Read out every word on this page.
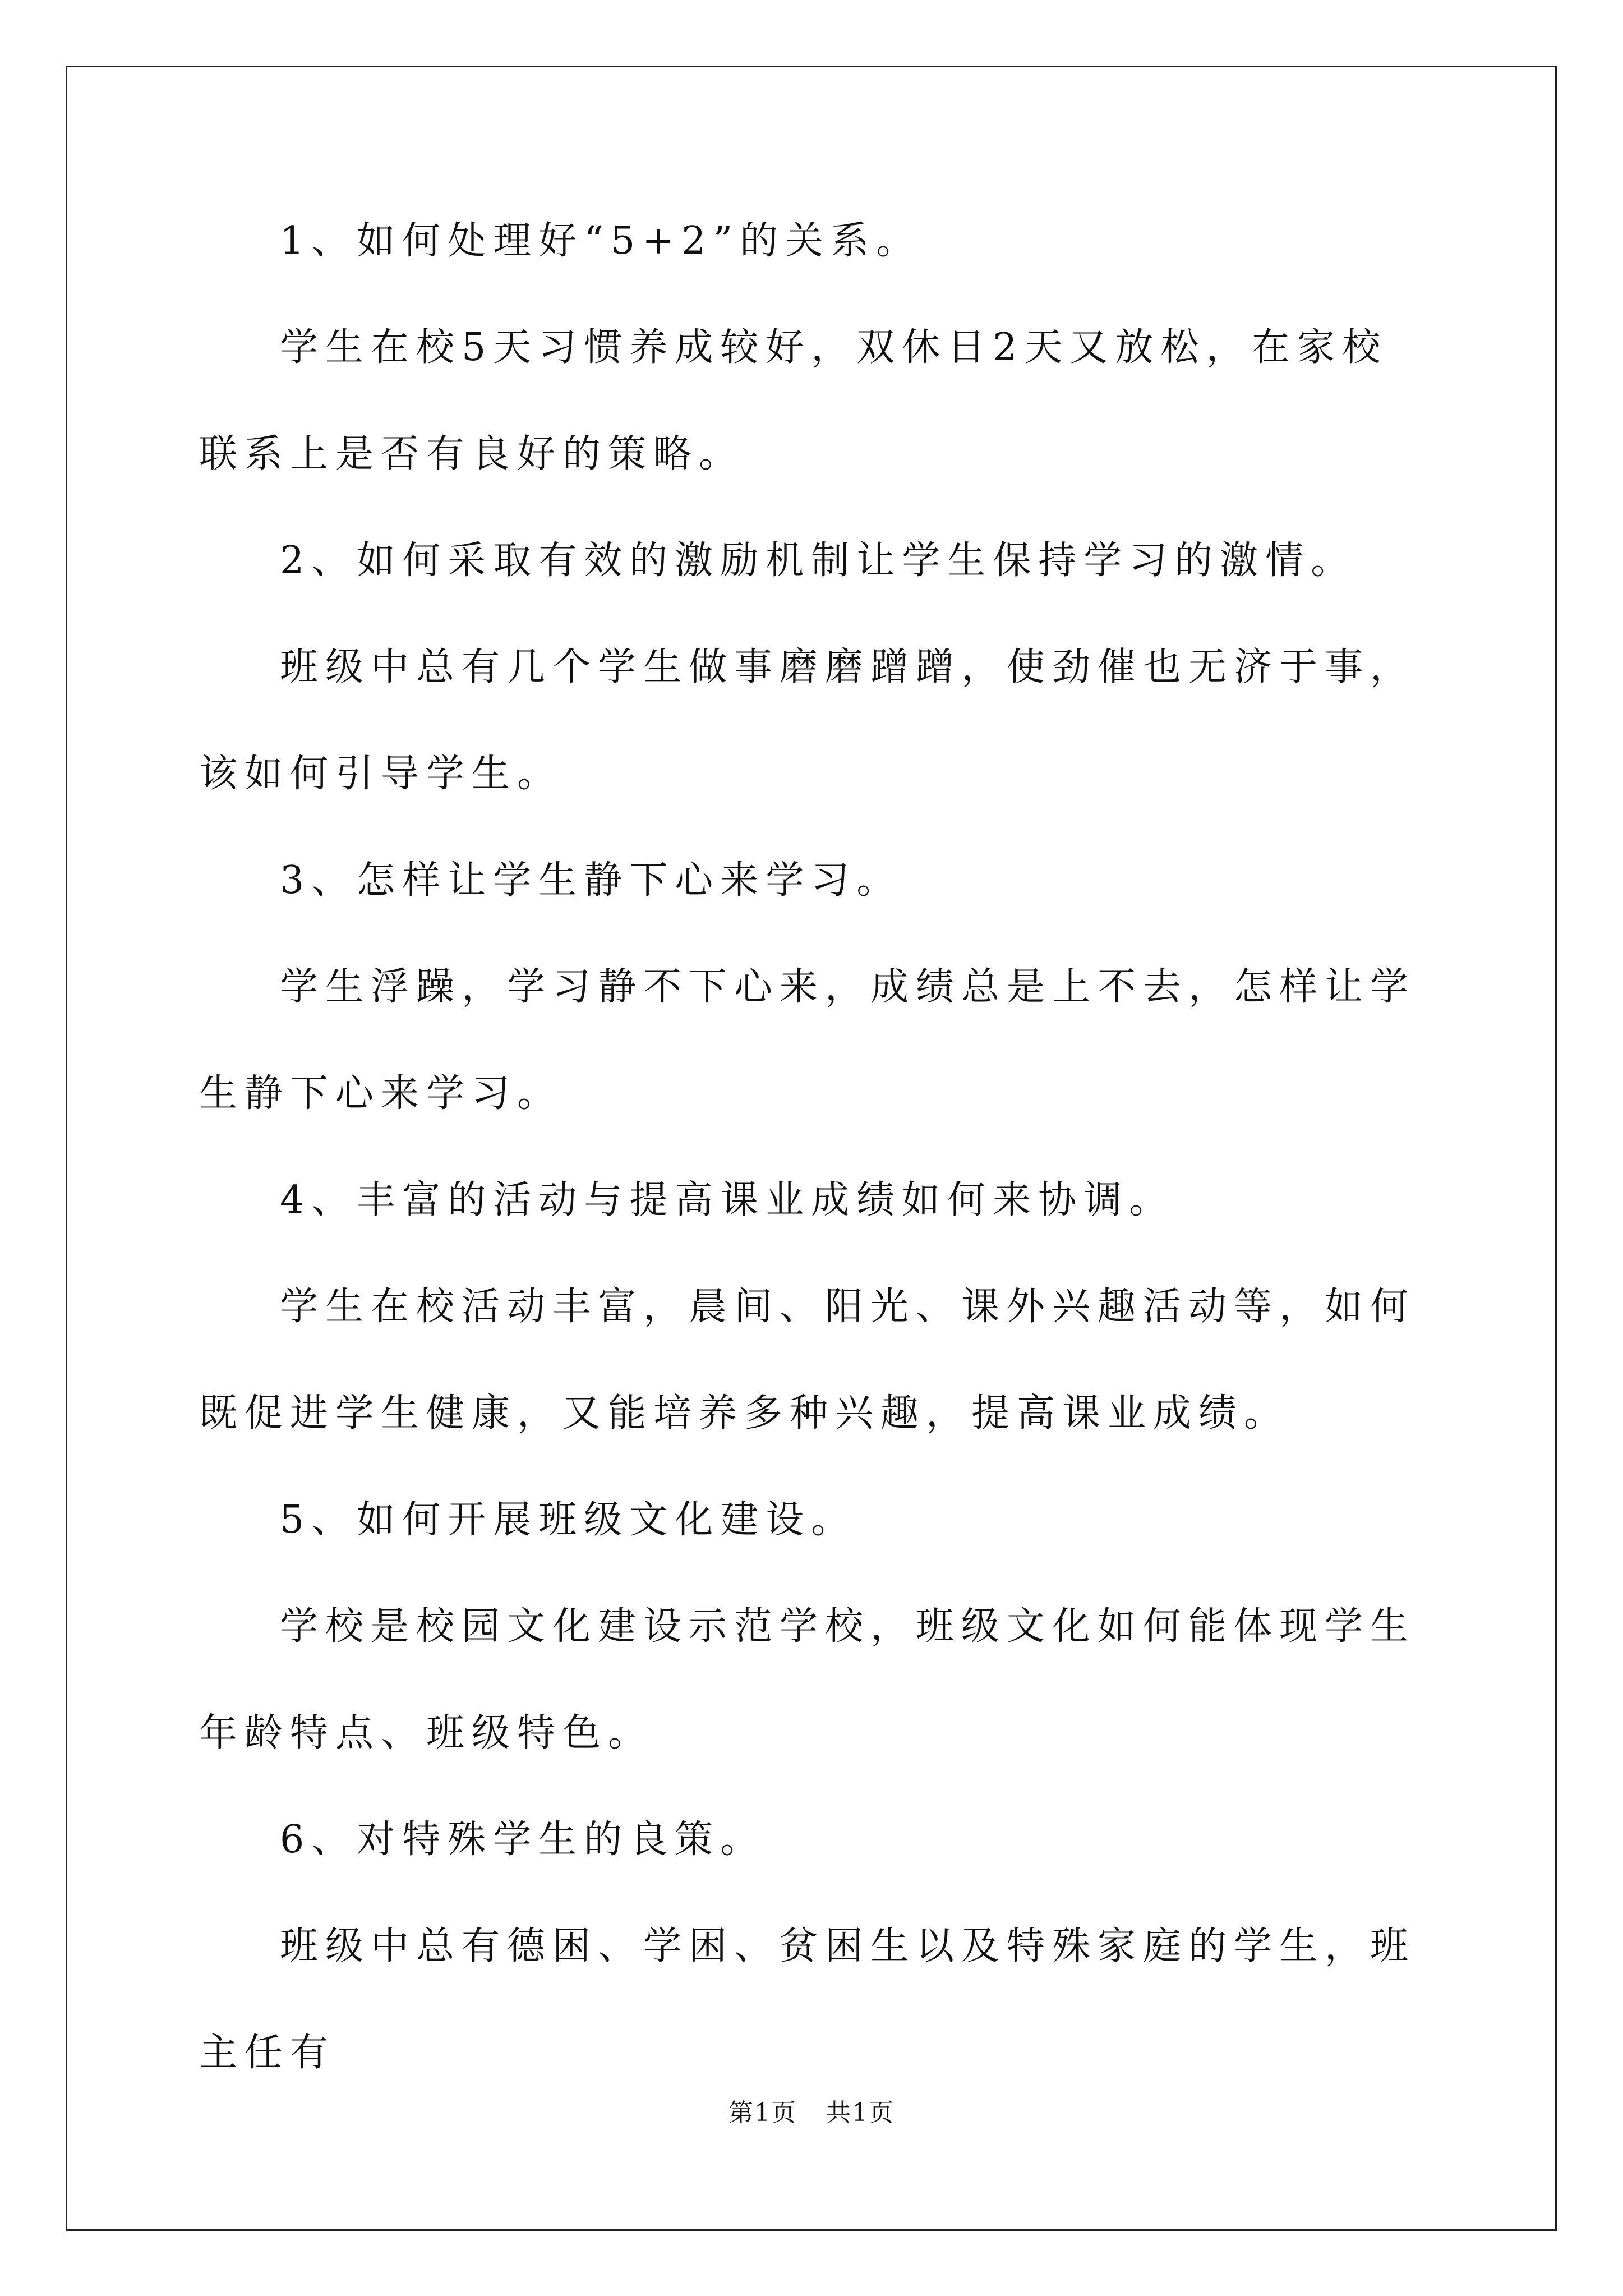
1、如何处理好“5+2”的关系。

学生在校5天习惯养成较好，双休日2天又放松，在家校联系上是否有良好的策略。

2、如何采取有效的激励机制让学生保持学习的激情。

班级中总有几个学生做事磨磨蹭蹭，使劲催也无济于事，该如何引导学生。

3、怎样让学生静下心来学习。

学生浮躁，学习静不下心来，成绩总是上不去，怎样让学生静下心来学习。

4、丰富的活动与提高课业成绩如何来协调。

学生在校活动丰富，晨间、阳光、课外兴趣活动等，如何既促进学生健康，又能培养多种兴趣，提高课业成绩。

5、如何开展班级文化建设。

学校是校园文化建设示范学校，班级文化如何能体现学生年龄特点、班级特色。

6、对特殊学生的良策。

班级中总有德困、学困、贫困生以及特殊家庭的学生，班主任有

第1页 共1页
